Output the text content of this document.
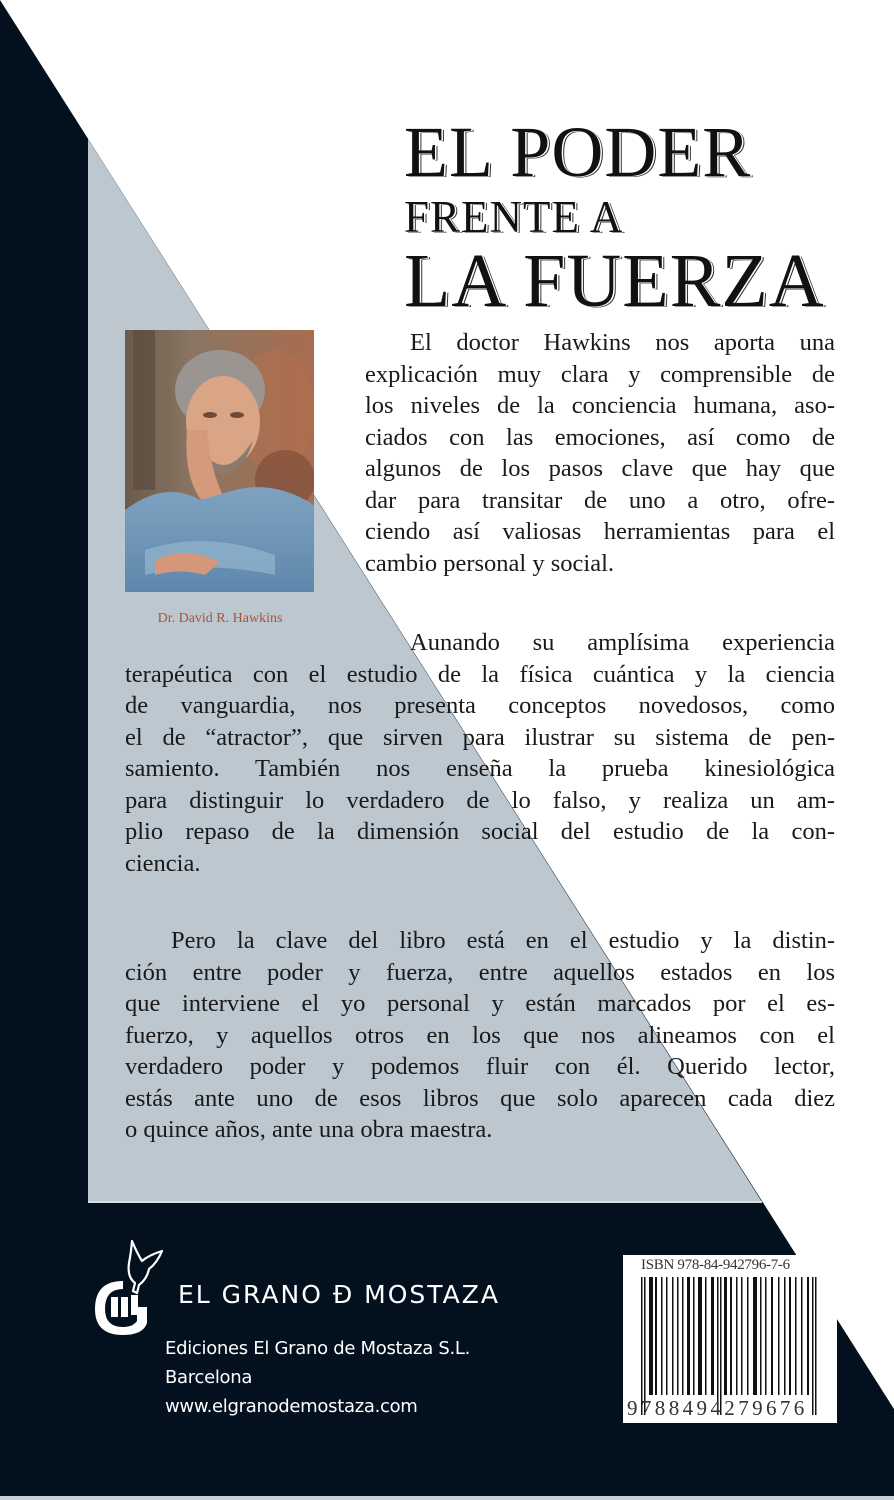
EL PODER
FRENTE A
LA FUERZA
Dr. David R. Hawkins
El doctor Hawkins nos aporta una
explicación muy clara y comprensible de
los niveles de la conciencia humana, aso-
ciados con las emociones, así como de
algunos de los pasos clave que hay que
dar para transitar de uno a otro, ofre-
ciendo así valiosas herramientas para el
cambio personal y social.
Aunando su amplísima experiencia
terapéutica con el estudio de la física cuántica y la ciencia
de vanguardia, nos presenta conceptos novedosos, como
el de “atractor”, que sirven para ilustrar su sistema de pen-
samiento. También nos enseña la prueba kinesiológica
para distinguir lo verdadero de lo falso, y realiza un am-
plio repaso de la dimensión social del estudio de la con-
ciencia.
Pero la clave del libro está en el estudio y la distin-
ción entre poder y fuerza, entre aquellos estados en los
que interviene el yo personal y están marcados por el es-
fuerzo, y aquellos otros en los que nos alineamos con el
verdadero poder y podemos fluir con él. Querido lector,
estás ante uno de esos libros que solo aparecen cada diez
o quince años, ante una obra maestra.
EL GRANO Đ MOSTAZA
Ediciones El Grano de Mostaza S.L.
Barcelona
www.elgranodemostaza.com
ISBN 978-84-942796-7-6
9788494279676
